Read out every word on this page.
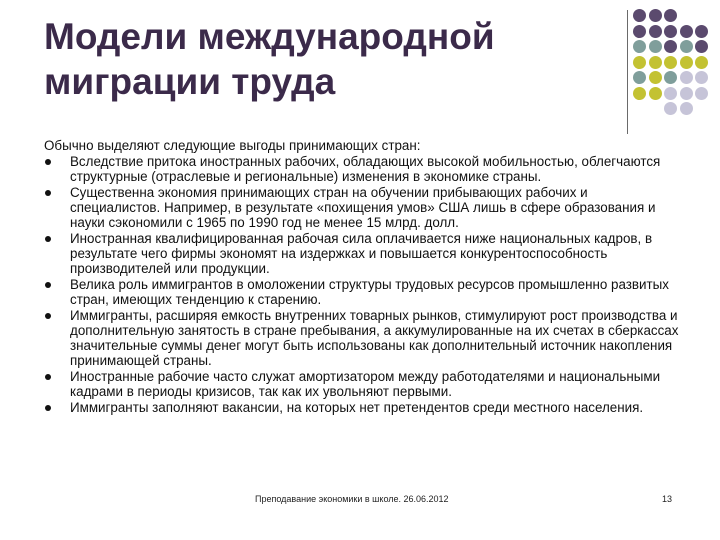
Модели международной
миграции труда

Обычно выделяют следующие выгоды принимающих стран:

Вследствие притока иностранных рабочих, обладающих высокой мобильностью, облегчаются структурные (отраслевые и региональные) изменения в экономике страны.
Существенна экономия принимающих стран на обучении прибывающих рабочих и специалистов. Например, в результате «похищения умов» США лишь в сфере образования и науки сэкономили с 1965 по 1990 год не менее 15 млрд. долл.
Иностранная квалифицированная рабочая сила оплачивается ниже национальных кадров, в результате чего фирмы экономят на издержках и повышается конкурентоспособность производителей или продукции.
Велика роль иммигрантов в омоложении структуры трудовых ресурсов промышленно развитых стран, имеющих тенденцию к старению.
Иммигранты, расширяя емкость внутренних товарных рынков, стимулируют рост производства и дополнительную занятость в стране пребывания, а аккумулированные на их счетах в сберкассах значительные суммы денег могут быть использованы как дополнительный источник накопления принимающей страны.
Иностранные рабочие часто служат амортизатором между работодателями и национальными кадрами в периоды кризисов, так как их увольняют первыми.
Иммигранты заполняют вакансии, на которых нет претендентов среди местного населения.
Преподавание экономики в школе. 26.06.2012	13
